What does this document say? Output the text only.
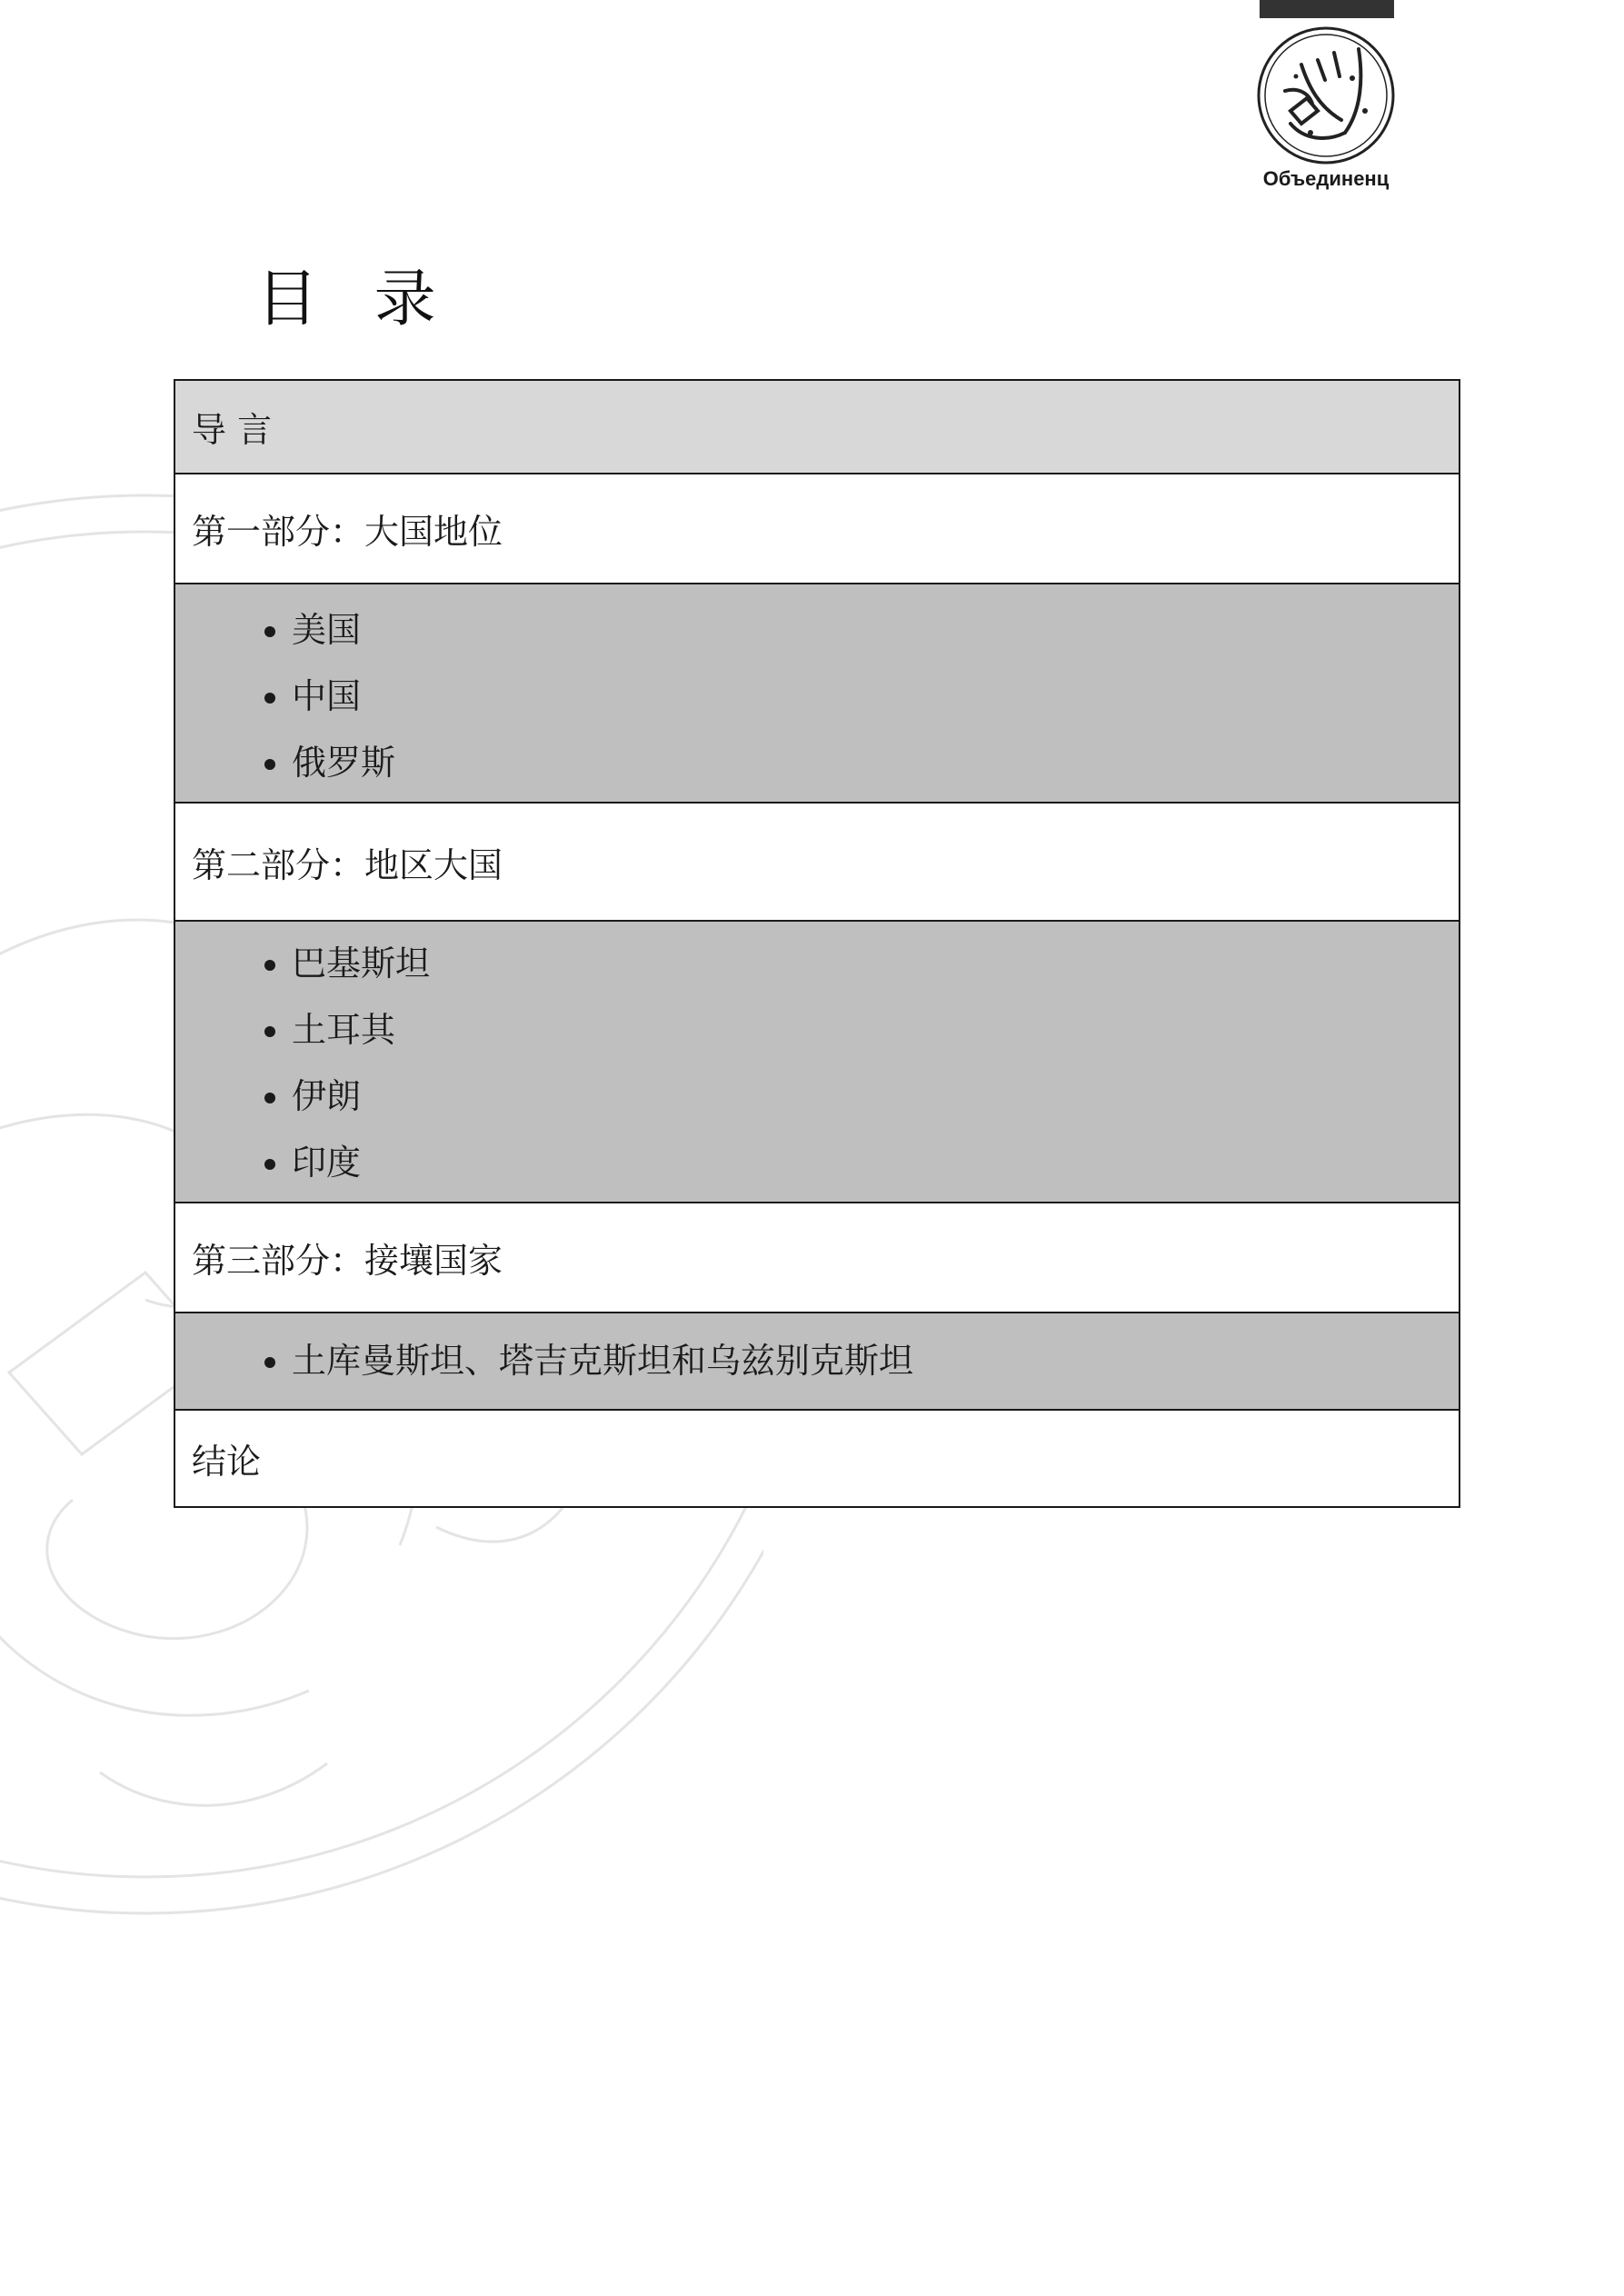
Объединенц
目 录
导 言
第一部分：大国地位

• 美国
• 中国
• 俄罗斯

第二部分：地区大国

• 巴基斯坦
• 土耳其
• 伊朗
• 印度

第三部分：接壤国家

• 土库曼斯坦、塔吉克斯坦和乌兹别克斯坦

结论
